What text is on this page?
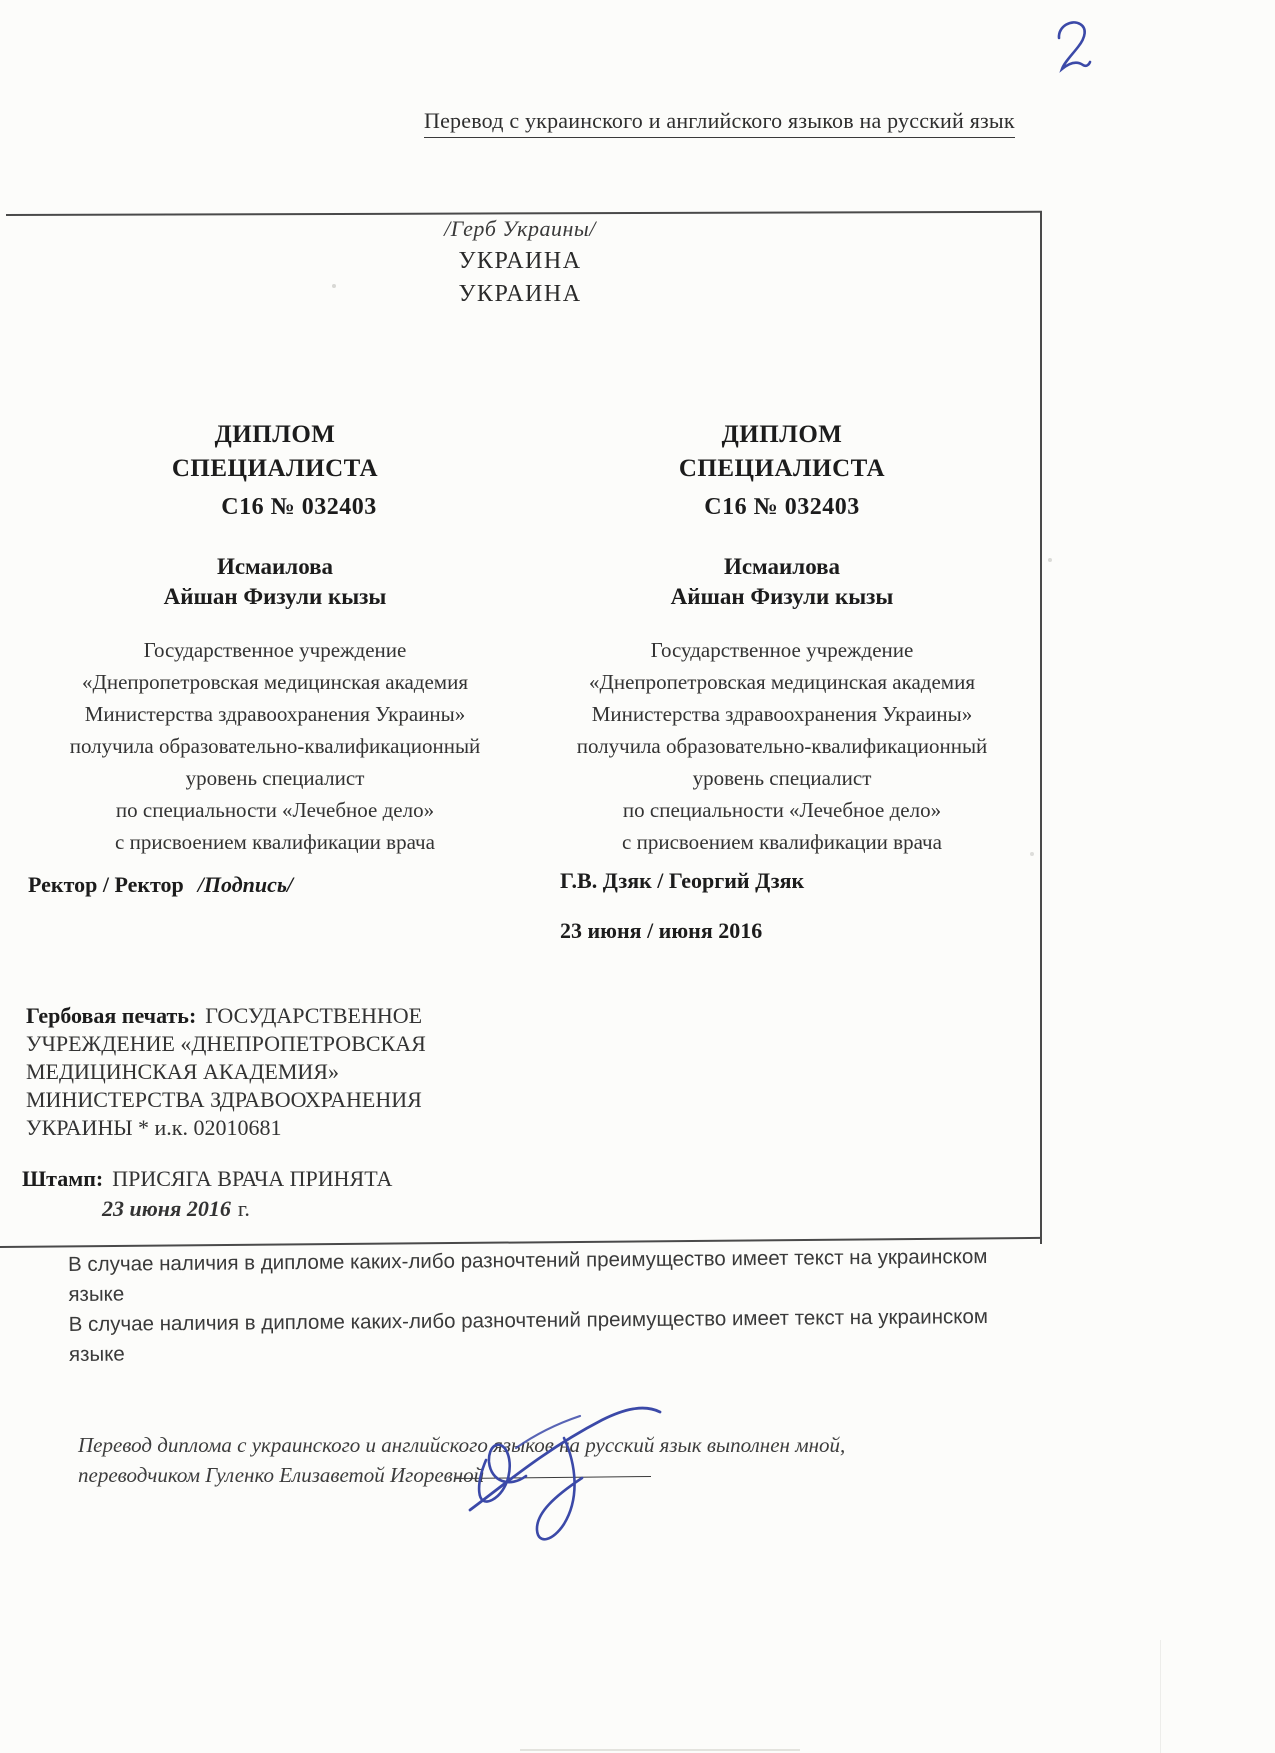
Перевод с украинского и английского языков на русский язык
/Герб Украины/
УКРАИНА
УКРАИНА
ДИПЛОМ
СПЕЦИАЛИСТА
С16 № 032403
Исмаилова
Айшан Физули кызы
Государственное учреждение
«Днепропетровская медицинская академия
Министерства здравоохранения Украины»
получила образовательно-квалификационный
уровень специалист
по специальности «Лечебное дело»
с присвоением квалификации врача
Ректор / Ректор /Подпись/
ДИПЛОМ
СПЕЦИАЛИСТА
С16 № 032403
Исмаилова
Айшан Физули кызы
Государственное учреждение
«Днепропетровская медицинская академия
Министерства здравоохранения Украины»
получила образовательно-квалификационный
уровень специалист
по специальности «Лечебное дело»
с присвоением квалификации врача
Г.В. Дзяк / Георгий Дзяк
23 июня / июня 2016
Гербовая печать: ГОСУДАРСТВЕННОЕ
УЧРЕЖДЕНИЕ «ДНЕПРОПЕТРОВСКАЯ
МЕДИЦИНСКАЯ АКАДЕМИЯ»
МИНИСТЕРСТВА ЗДРАВООХРАНЕНИЯ
УКРАИНЫ * и.к. 02010681
Штамп: ПРИСЯГА ВРАЧА ПРИНЯТА
23 июня 2016 г.
В случае наличия в дипломе каких-либо разночтений преимущество имеет текст на украинском языке
В случае наличия в дипломе каких-либо разночтений преимущество имеет текст на украинском языке
Перевод диплома с украинского и английского языков на русский язык выполнен мной,
переводчиком Гуленко Елизаветой Игоревной
